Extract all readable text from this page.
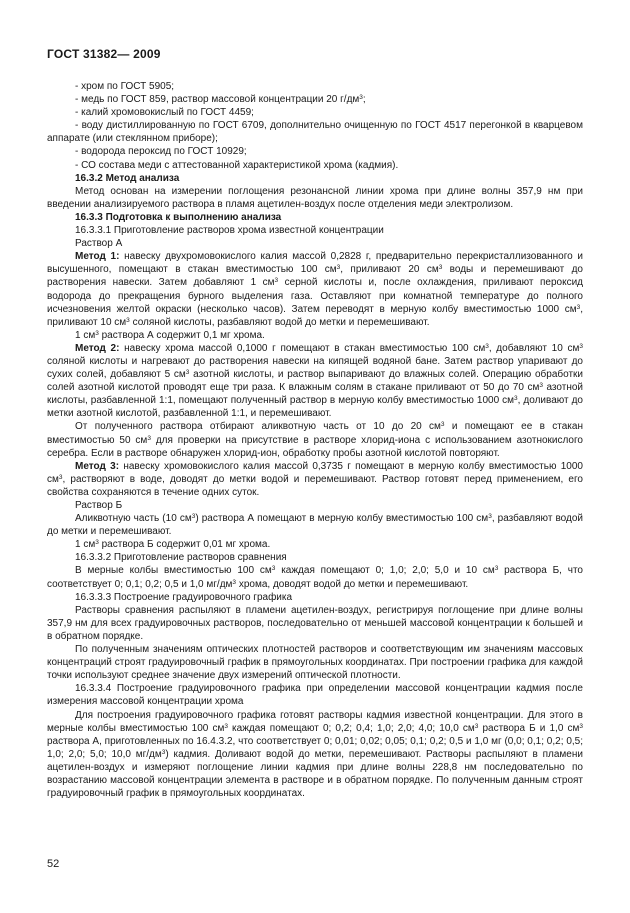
ГОСТ 31382— 2009

- хром по ГОСТ 5905;

- медь по ГОСТ 859, раствор массовой концентрации 20 $г/дм^3$;

- калий хромовокислый по ГОСТ 4459;

- воду дистиллированную по ГОСТ 6709, дополнительно очищенную по ГОСТ 4517 перегонкой в кварцевом аппарате (или стеклянном приборе);

- водорода пероксид по ГОСТ 10929;

- СО состава меди с аттестованной характеристикой хрома (кадмия).

16.3.2 Метод анализа

Метод основан на измерении поглощения резонансной линии хрома при длине волны 357,9 нм при введении анализируемого раствора в пламя ацетилен-воздух после отделения меди электролизом.

16.3.3 Подготовка к выполнению анализа

16.3.3.1 Приготовление растворов хрома известной концентрации

Раствор А

Метод 1: навеску двухромовокислого калия массой 0,2828 г, предварительно перекристаллизованного и высушенного, помещают в стакан вместимостью 100 $см^3$, приливают 20 $см^3$ воды и перемешивают до растворения навески. Затем добавляют 1 $см^3$ серной кислоты и, после охлаждения, приливают пероксид водорода до прекращения бурного выделения газа. Оставляют при комнатной температуре до полного исчезновения желтой окраски (несколько часов). Затем переводят в мерную колбу вместимостью 1000 $см^3$, приливают 10 $см^3$ соляной кислоты, разбавляют водой до метки и перемешивают.

1 $см^3$ раствора А содержит 0,1 мг хрома.

Метод 2: навеску хрома массой 0,1000 г помещают в стакан вместимостью 100 $см^3$, добавляют 10 $см^3$ соляной кислоты и нагревают до растворения навески на кипящей водяной бане. Затем раствор упаривают до сухих солей, добавляют 5 $см^3$ азотной кислоты, и раствор выпаривают до влажных солей. Операцию обработки солей азотной кислотой проводят еще три раза. К влажным солям в стакане приливают от 50 до 70 $см^3$ азотной кислоты, разбавленной 1:1, помещают полученный раствор в мерную колбу вместимостью 1000 $см^3$, доливают до метки азотной кислотой, разбавленной 1:1, и перемешивают.

От полученного раствора отбирают аликвотную часть от 10 до 20 $см^3$ и помещают ее в стакан вместимостью 50 $см^3$ для проверки на присутствие в растворе хлорид-иона с использованием азотнокислого серебра. Если в растворе обнаружен хлорид-ион, обработку пробы азотной кислотой повторяют.

Метод 3: навеску хромовокислого калия массой 0,3735 г помещают в мерную колбу вместимостью 1000 $см^3$, растворяют в воде, доводят до метки водой и перемешивают. Раствор готовят перед применением, его свойства сохраняются в течение одних суток.

Раствор Б

Аликвотную часть (10 $см^3$) раствора А помещают в мерную колбу вместимостью 100 $см^3$, разбавляют водой до метки и перемешивают.

1 $см^3$ раствора Б содержит 0,01 мг хрома.

16.3.3.2 Приготовление растворов сравнения

В мерные колбы вместимостью 100 $см^3$ каждая помещают 0; 1,0; 2,0; 5,0 и 10 $см^3$ раствора Б, что соответствует 0; 0,1; 0,2; 0,5 и 1,0 $мг/дм^3$ хрома, доводят водой до метки и перемешивают.

16.3.3.3 Построение градуировочного графика

Растворы сравнения распыляют в пламени ацетилен-воздух, регистрируя поглощение при длине волны 357,9 нм для всех градуировочных растворов, последовательно от меньшей массовой концентрации к большей и в обратном порядке.

По полученным значениям оптических плотностей растворов и соответствующим им значениям массовых концентраций строят градуировочный график в прямоугольных координатах. При построении графика для каждой точки используют среднее значение двух измерений оптической плотности.

16.3.3.4 Построение градуировочного графика при определении массовой концентрации кадмия после измерения массовой концентрации хрома

Для построения градуировочного графика готовят растворы кадмия известной концентрации. Для этого в мерные колбы вместимостью 100 $см^3$ каждая помещают 0; 0,2; 0,4; 1,0; 2,0; 4,0; 10,0 $см^3$ раствора Б и 1,0 $см^3$ раствора А, приготовленных по 16.4.3.2, что соответствует 0; 0,01; 0,02; 0,05; 0,1; 0,2; 0,5 и 1,0 мг (0,0; 0,1; 0,2; 0,5; 1,0; 2,0; 5,0; 10,0 $мг/дм^3$) кадмия. Доливают водой до метки, перемешивают. Растворы распыляют в пламени ацетилен-воздух и измеряют поглощение линии кадмия при длине волны 228,8 нм последовательно по возрастанию массовой концентрации элемента в растворе и в обратном порядке. По полученным данным строят градуировочный график в прямоугольных координатах.

52
